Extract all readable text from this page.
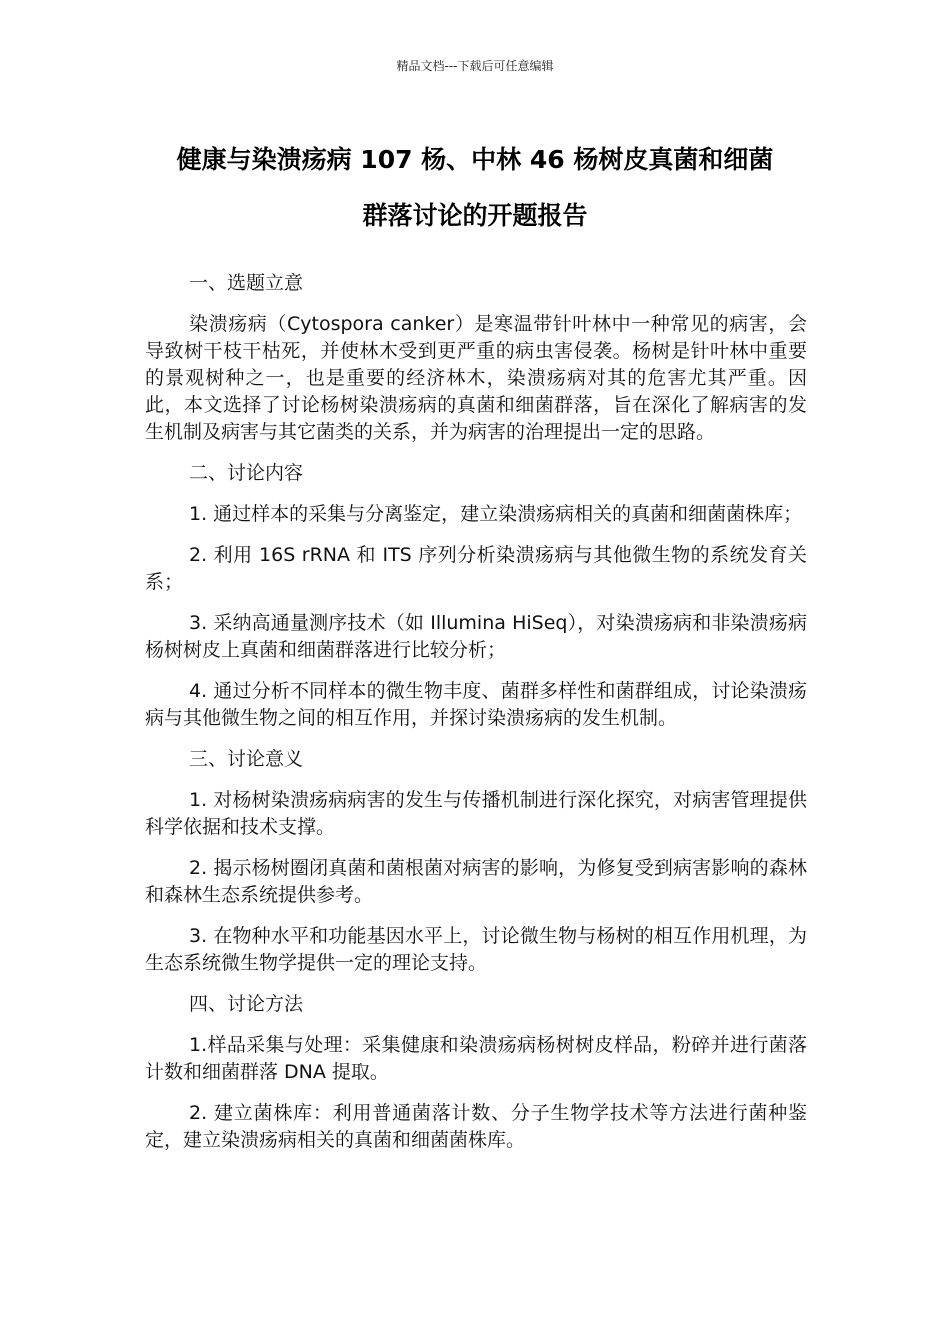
精品文档---下载后可任意编辑
健康与染溃疡病 107 杨、中林 46 杨树皮真菌和细菌
群落讨论的开题报告
一、选题立意

染溃疡病（Cytospora canker）是寒温带针叶林中一种常见的病害，会导致树干枝干枯死，并使林木受到更严重的病虫害侵袭。杨树是针叶林中重要的景观树种之一，也是重要的经济林木，染溃疡病对其的危害尤其严重。因此，本文选择了讨论杨树染溃疡病的真菌和细菌群落，旨在深化了解病害的发生机制及病害与其它菌类的关系，并为病害的治理提出一定的思路。

二、讨论内容

1. 通过样本的采集与分离鉴定，建立染溃疡病相关的真菌和细菌菌株库；

2. 利用 16S rRNA 和 ITS 序列分析染溃疡病与其他微生物的系统发育关系；

3. 采纳高通量测序技术（如 Illumina HiSeq），对染溃疡病和非染溃疡病杨树树皮上真菌和细菌群落进行比较分析；

4. 通过分析不同样本的微生物丰度、菌群多样性和菌群组成，讨论染溃疡病与其他微生物之间的相互作用，并探讨染溃疡病的发生机制。

三、讨论意义

1. 对杨树染溃疡病病害的发生与传播机制进行深化探究，对病害管理提供科学依据和技术支撑。

2. 揭示杨树圈闭真菌和菌根菌对病害的影响，为修复受到病害影响的森林和森林生态系统提供参考。

3. 在物种水平和功能基因水平上，讨论微生物与杨树的相互作用机理，为生态系统微生物学提供一定的理论支持。

四、讨论方法

1.样品采集与处理：采集健康和染溃疡病杨树树皮样品，粉碎并进行菌落计数和细菌群落 DNA 提取。

2. 建立菌株库：利用普通菌落计数、分子生物学技术等方法进行菌种鉴定，建立染溃疡病相关的真菌和细菌菌株库。
